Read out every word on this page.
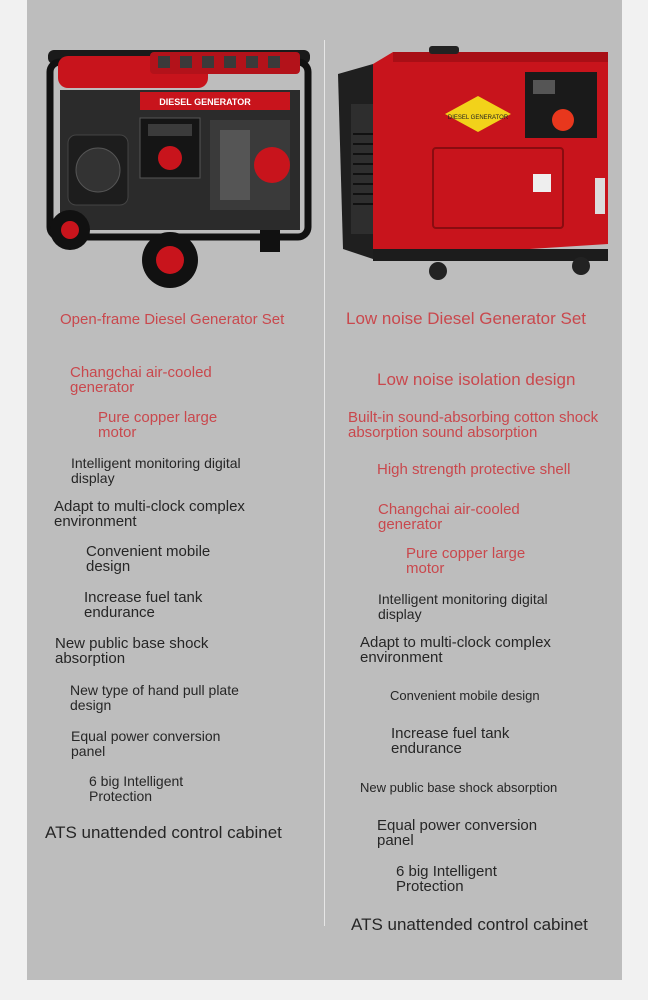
DIESEL GENERATOR
DIESEL GENERATOR
Open-frame Diesel Generator Set	Low noise Diesel Generator Set
Changchai air-cooled
generator
Pure copper large
motor
Intelligent monitoring digital
display
Adapt to multi-clock complex
environment
Convenient mobile
design
Increase fuel tank
endurance
New public base shock
absorption
New type of hand pull plate
design
Equal power conversion
panel
6 big Intelligent
Protection
ATS unattended control cabinet
Low noise isolation design
Built-in sound-absorbing cotton shock
absorption sound absorption
High strength protective shell
Changchai air-cooled
generator
Pure copper large
motor
Intelligent monitoring digital
display
Adapt to multi-clock complex
environment
Convenient mobile design
Increase fuel tank
endurance
New public base shock absorption
Equal power conversion
panel
6 big Intelligent
Protection
ATS unattended control cabinet
